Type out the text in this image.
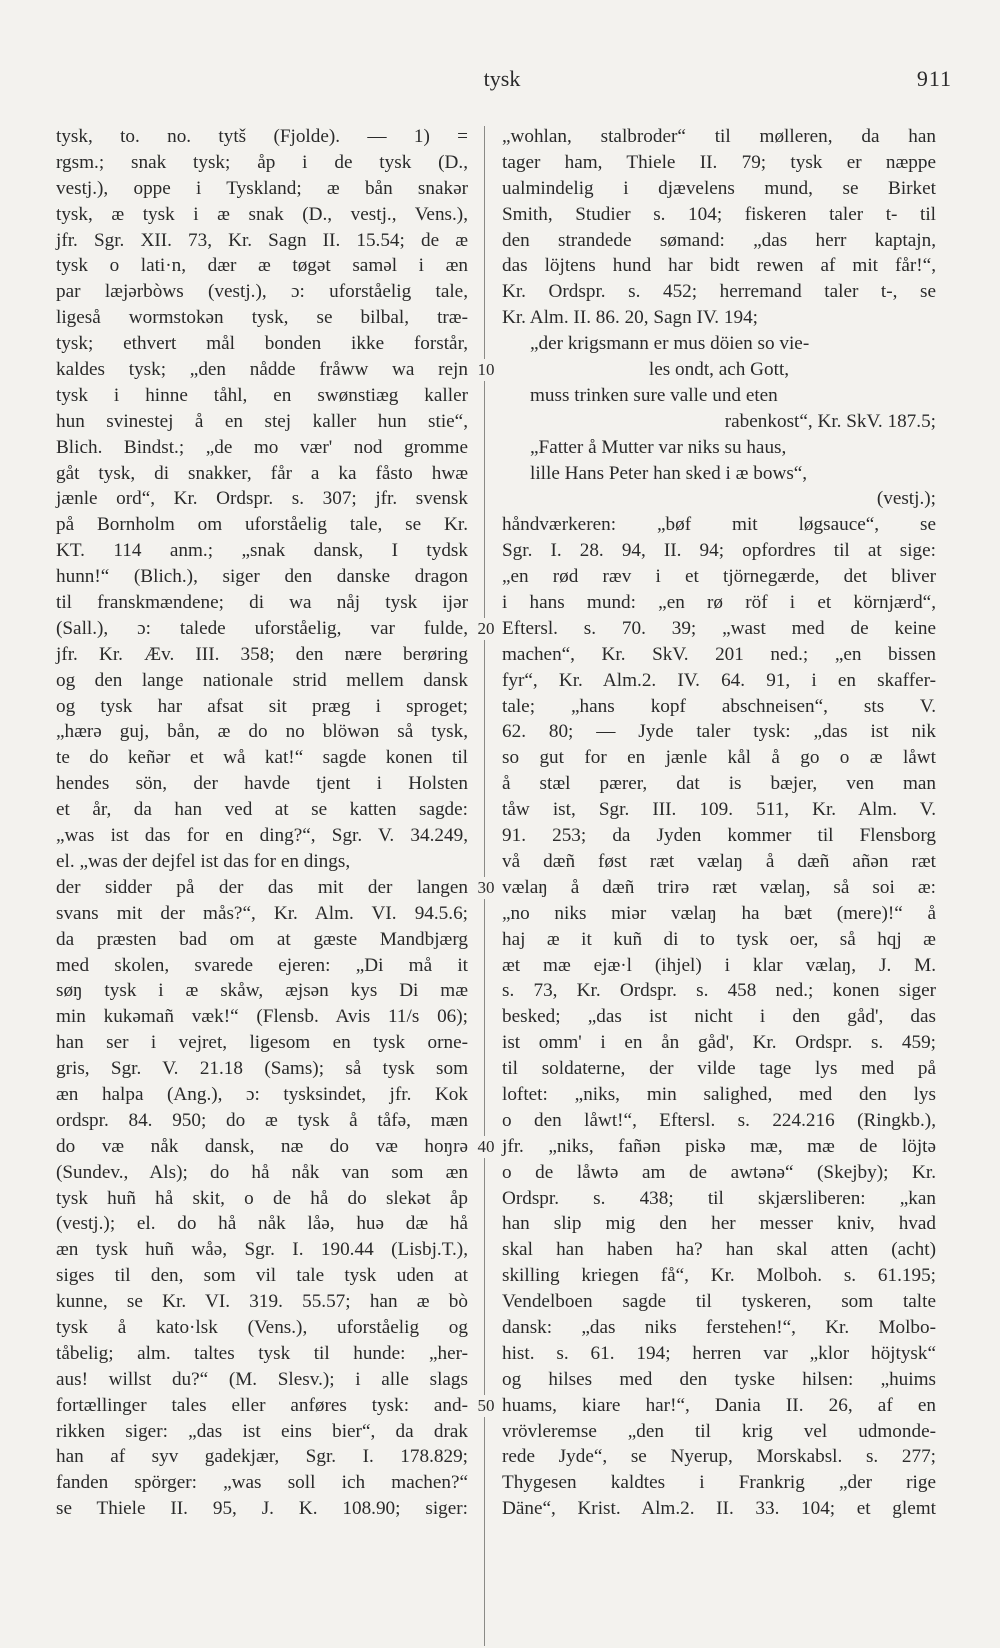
tysk	911
tysk, to. no. tytš (Fjolde). — 1) =
rgsm.; snak tysk; åp i de tysk (D.,
vestj.), oppe i Tyskland; æ bån snakər
tysk, æ tysk i æ snak (D., vestj., Vens.),
jfr. Sgr. XII. 73, Kr. Sagn II. 15.54; de æ
tysk o lati·n, dær æ tøgət saməl i æn
par læjərbòws (vestj.), ɔ: uforståelig tale,
ligeså wormstokən tysk, se bilbal, træ-
tysk; ethvert mål bonden ikke forstår,
kaldes tysk; „den nådde fråww wa rejn
tysk i hinne tåhl, en swønstiæg kaller
hun svinestej å en stej kaller hun stie“,
Blich. Bindst.; „de mo vær' nod gromme
gåt tysk, di snakker, får a ka fåsto hwæ
jænle ord“, Kr. Ordspr. s. 307; jfr. svensk
på Bornholm om uforståelig tale, se Kr.
KT. 114 anm.; „snak dansk, I tydsk
hunn!“ (Blich.), siger den danske dragon
til franskmændene; di wa nåj tysk ijər
(Sall.), ɔ: talede uforståelig, var fulde,
jfr. Kr. Æv. III. 358; den nære berøring
og den lange nationale strid mellem dansk
og tysk har afsat sit præg i sproget;
„hærə guj, bån, æ do no blöwən så tysk,
te do keñər et wå kat!“ sagde konen til
hendes sön, der havde tjent i Holsten
et år, da han ved at se katten sagde:
„was ist das for en ding?“, Sgr. V. 34.249,
el. „was der dejfel ist das for en dings,
der sidder på der das mit der langen
svans mit der mås?“, Kr. Alm. VI. 94.5.6;
da præsten bad om at gæste Mandbjærg
med skolen, svarede ejeren: „Di må it
søŋ tysk i æ skåw, æjsən kys Di mæ
min kukəmañ væk!“ (Flensb. Avis 11/s 06);
han ser i vejret, ligesom en tysk orne-
gris, Sgr. V. 21.18 (Sams); så tysk som
æn halpa (Ang.), ɔ: tysksindet, jfr. Kok
ordspr. 84. 950; do æ tysk å tåfə, mæn
do væ nåk dansk, næ do væ hoŋrə
(Sundev., Als); do hå nåk van som æn
tysk huñ hå skit, o de hå do slekət åp
(vestj.); el. do hå nåk låə, huə dæ hå
æn tysk huñ wåə, Sgr. I. 190.44 (Lisbj.T.),
siges til den, som vil tale tysk uden at
kunne, se Kr. VI. 319. 55.57; han æ bò
tysk å kato·lsk (Vens.), uforståelig og
tåbelig; alm. taltes tysk til hunde: „her-
aus! willst du?“ (M. Slesv.); i alle slags
fortællinger tales eller anføres tysk: and-
rikken siger: „das ist eins bier“, da drak
han af syv gadekjær, Sgr. I. 178.829;
fanden spörger: „was soll ich machen?“
se Thiele II. 95, J. K. 108.90; siger:
„wohlan, stalbroder“ til mølleren, da han
tager ham, Thiele II. 79; tysk er næppe
ualmindelig i djævelens mund, se Birket
Smith, Studier s. 104; fiskeren taler t- til
den strandede sømand: „das herr kaptajn,
das löjtens hund har bidt rewen af mit får!“,
Kr. Ordspr. s. 452; herremand taler t-, se
Kr. Alm. II. 86. 20, Sagn IV. 194;
„der krigsmann er mus döien so vie-
les ondt, ach Gott,
muss trinken sure valle und eten
rabenkost“, Kr. SkV. 187.5;
„Fatter å Mutter var niks su haus,
lille Hans Peter han sked i æ bows“,
(vestj.);
håndværkeren: „bøf mit løgsauce“, se
Sgr. I. 28. 94, II. 94; opfordres til at sige:
„en rød ræv i et tjörnegærde, det bliver
i hans mund: „en rø röf i et körnjærd“,
Eftersl. s. 70. 39; „wast med de keine
machen“, Kr. SkV. 201 ned.; „en bissen
fyr“, Kr. Alm.2. IV. 64. 91, i en skaffer-
tale; „hans kopf abschneisen“, sts V.
62. 80; — Jyde taler tysk: „das ist nik
so gut for en jænle kål å go o æ låwt
å stæl pærer, dat is bæjer, ven man
tåw ist, Sgr. III. 109. 511, Kr. Alm. V.
91. 253; da Jyden kommer til Flensborg
vå dæñ føst ræt vælaŋ å dæñ añən ræt
vælaŋ å dæñ trirə ræt vælaŋ, så soi æ:
„no niks miər vælaŋ ha bæt (mere)!“ å
haj æ it kuñ di to tysk oer, så hqj æ
æt mæ ejæ·l (ihjel) i klar vælaŋ, J. M.
s. 73, Kr. Ordspr. s. 458 ned.; konen siger
besked; „das ist nicht i den gåd', das
ist omm' i en ån gåd', Kr. Ordspr. s. 459;
til soldaterne, der vilde tage lys med på
loftet: „niks, min salighed, med den lys
o den låwt!“, Eftersl. s. 224.216 (Ringkb.),
jfr. „niks, fañən piskə mæ, mæ de löjtə
o de låwtə am de awtənə“ (Skejby); Kr.
Ordspr. s. 438; til skjærsliberen: „kan
han slip mig den her messer kniv, hvad
skal han haben ha? han skal atten (acht)
skilling kriegen få“, Kr. Molboh. s. 61.195;
Vendelboen sagde til tyskeren, som talte
dansk: „das niks ferstehen!“, Kr. Molbo-
hist. s. 61. 194; herren var „klor höjtysk“
og hilses med den tyske hilsen: „huims
huams, kiare har!“, Dania II. 26, af en
vrövleremse „den til krig vel udmonde-
rede Jyde“, se Nyerup, Morskabsl. s. 277;
Thygesen kaldtes i Frankrig „der rige
Däne“, Krist. Alm.2. II. 33. 104; et glemt
10
20
30
40
50
